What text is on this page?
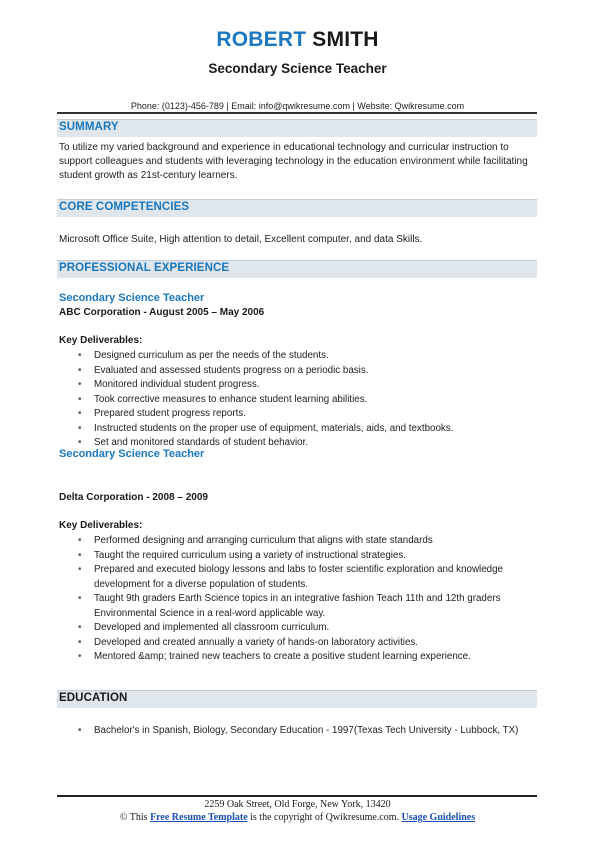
ROBERT SMITH
Secondary Science Teacher
Phone: (0123)-456-789 | Email: info@qwikresume.com | Website: Qwikresume.com
SUMMARY
To utilize my varied background and experience in educational technology and curricular instruction to support colleagues and students with leveraging technology in the education environment while facilitating student growth as 21st-century learners.
CORE COMPETENCIES
Microsoft Office Suite, High attention to detail, Excellent computer, and data Skills.
PROFESSIONAL EXPERIENCE
Secondary Science Teacher
ABC Corporation - August 2005 – May 2006
Key Deliverables:
• Designed curriculum as per the needs of the students.
• Evaluated and assessed students progress on a periodic basis.
• Monitored individual student progress.
• Took corrective measures to enhance student learning abilities.
• Prepared student progress reports.
• Instructed students on the proper use of equipment, materials, aids, and textbooks.
• Set and monitored standards of student behavior.
Secondary Science Teacher
Delta Corporation - 2008 – 2009
Key Deliverables:
• Performed designing and arranging curriculum that aligns with state standards
• Taught the required curriculum using a variety of instructional strategies.
• Prepared and executed biology lessons and labs to foster scientific exploration and knowledge development for a diverse population of students.
• Taught 9th graders Earth Science topics in an integrative fashion Teach 11th and 12th graders Environmental Science in a real-word applicable way.
• Developed and implemented all classroom curriculum.
• Developed and created annually a variety of hands-on laboratory activities.
• Mentored &amp; trained new teachers to create a positive student learning experience.
EDUCATION
• Bachelor's in Spanish, Biology, Secondary Education - 1997(Texas Tech University - Lubbock, TX)
2259 Oak Street, Old Forge, New York, 13420
© This Free Resume Template is the copyright of Qwikresume.com. Usage Guidelines
